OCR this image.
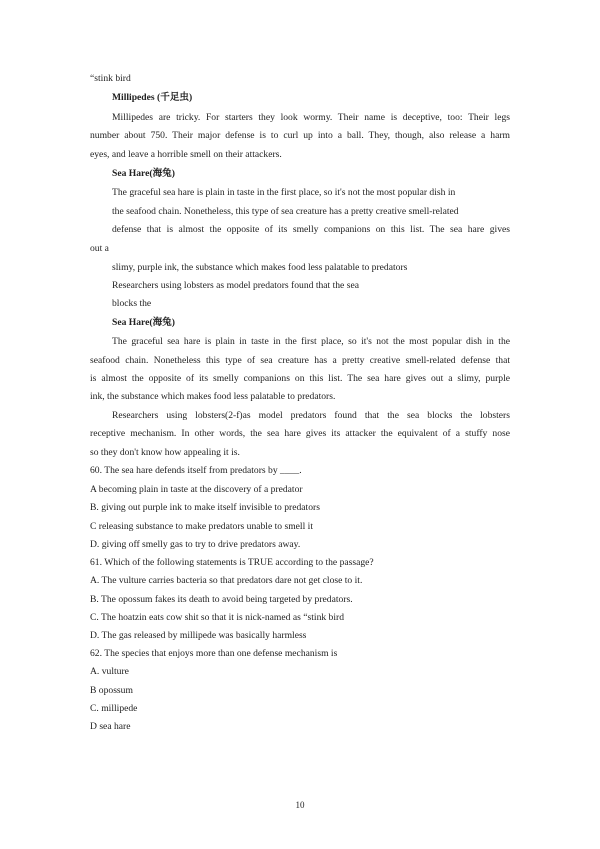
“stink bird
Millipedes (千足虫)
Millipedes are tricky. For starters they look wormy. Their name is deceptive, too: Their legs
number about 750. Their major defense is to curl up into a ball. They, though, also release a harm
eyes, and leave a horrible smell on their attackers.
Sea Hare(海兔)
The graceful sea hare is plain in taste in the first place, so it's not the most popular dish in
the seafood chain. Nonetheless, this type of sea creature has a pretty creative smell-related
defense that is almost the opposite of its smelly companions on this list. The sea hare gives
out a
slimy, purple ink, the substance which makes food less palatable to predators
Researchers using lobsters as model predators found that the sea
blocks the
Sea Hare(海兔)
The graceful sea hare is plain in taste in the first place, so it's not the most popular dish in the
seafood chain. Nonetheless this type of sea creature has a pretty creative smell-related defense that
is almost the opposite of its smelly companions on this list. The sea hare gives out a slimy, purple
ink, the substance which makes food less palatable to predators.
Researchers using lobsters(2-f)as model predators found that the sea blocks the lobsters
receptive mechanism. In other words, the sea hare gives its attacker the equivalent of a stuffy nose
so they don't know how appealing it is.
60. The sea hare defends itself from predators by ____.
A becoming plain in taste at the discovery of a predator
B. giving out purple ink to make itself invisible to predators
C releasing substance to make predators unable to smell it
D. giving off smelly gas to try to drive predators away.
61. Which of the following statements is TRUE according to the passage?
A. The vulture carries bacteria so that predators dare not get close to it.
B. The opossum fakes its death to avoid being targeted by predators.
C. The hoatzin eats cow shit so that it is nick-named as “stink bird
D. The gas released by millipede was basically harmless
62. The species that enjoys more than one defense mechanism is
A. vulture
B opossum
C. millipede
D sea hare
10
